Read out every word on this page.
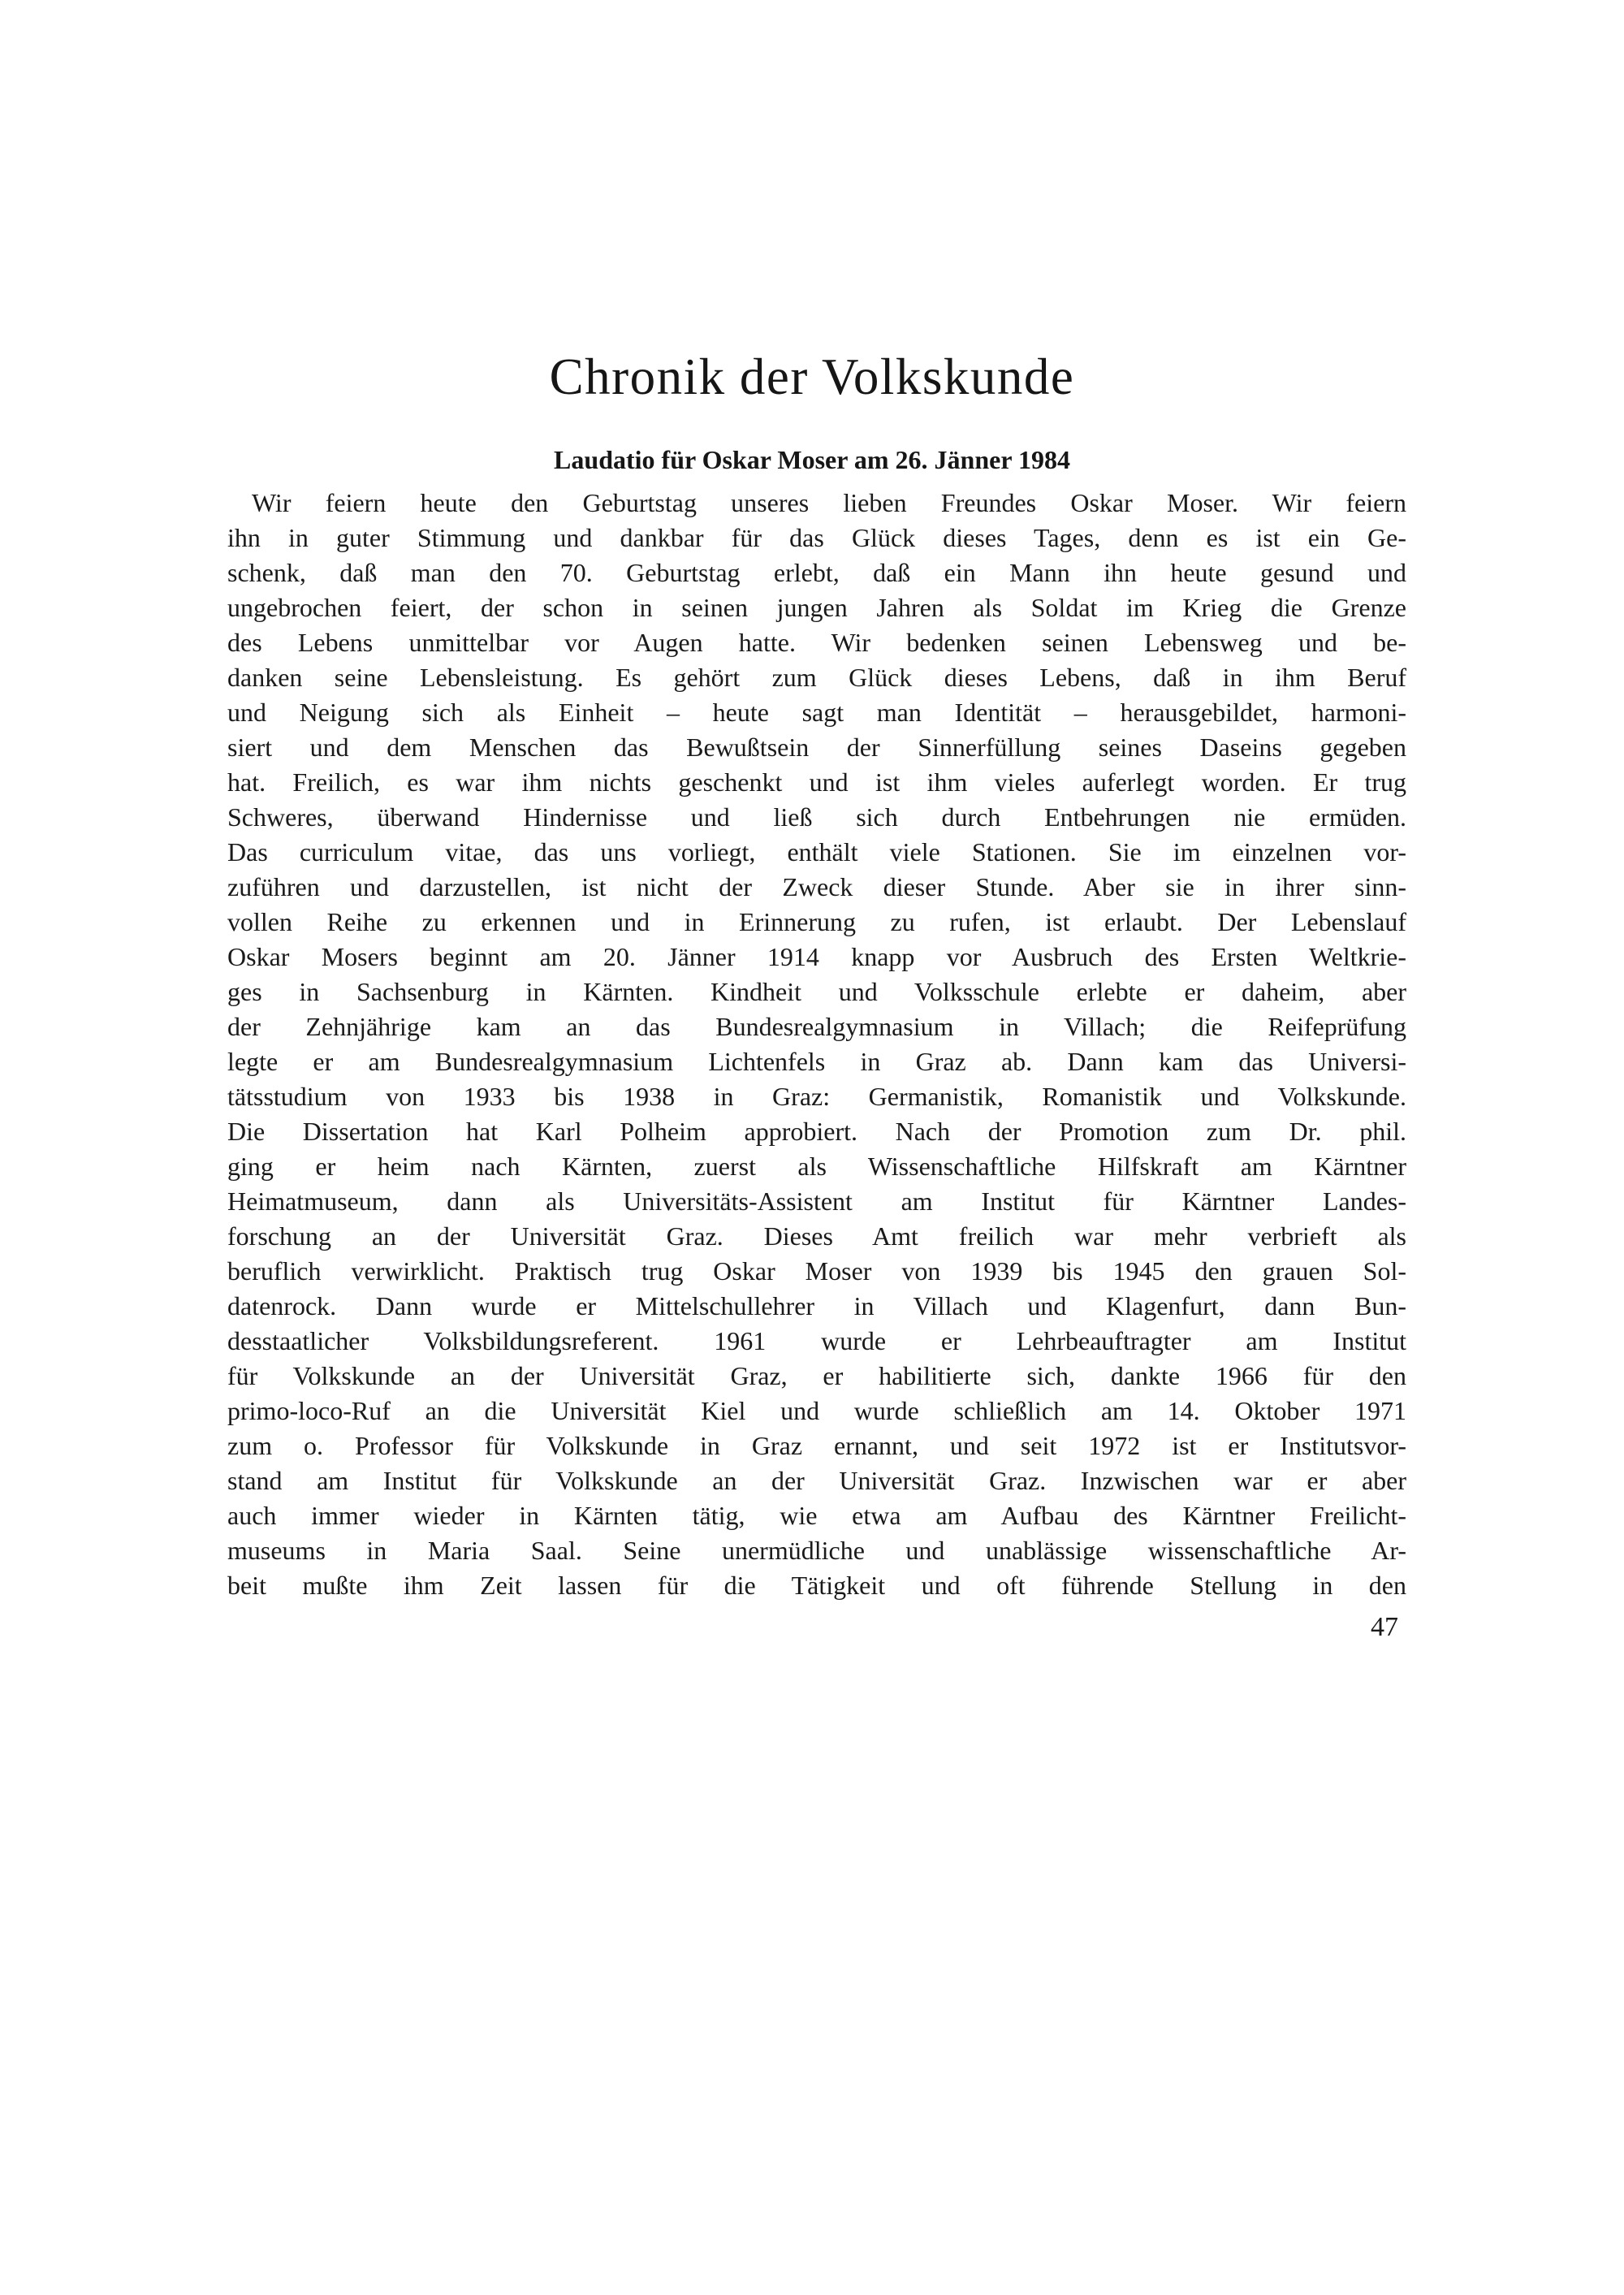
Chronik der Volkskunde
Laudatio für Oskar Moser am 26. Jänner 1984
Wir feiern heute den Geburtstag unseres lieben Freundes Oskar Moser. Wir feiern
ihn in guter Stimmung und dankbar für das Glück dieses Tages, denn es ist ein Ge-
schenk, daß man den 70. Geburtstag erlebt, daß ein Mann ihn heute gesund und
ungebrochen feiert, der schon in seinen jungen Jahren als Soldat im Krieg die Grenze
des Lebens unmittelbar vor Augen hatte. Wir bedenken seinen Lebensweg und be-
danken seine Lebensleistung. Es gehört zum Glück dieses Lebens, daß in ihm Beruf
und Neigung sich als Einheit – heute sagt man Identität – herausgebildet, harmoni-
siert und dem Menschen das Bewußtsein der Sinnerfüllung seines Daseins gegeben
hat. Freilich, es war ihm nichts geschenkt und ist ihm vieles auferlegt worden. Er trug
Schweres, überwand Hindernisse und ließ sich durch Entbehrungen nie ermüden.
Das curriculum vitae, das uns vorliegt, enthält viele Stationen. Sie im einzelnen vor-
zuführen und darzustellen, ist nicht der Zweck dieser Stunde. Aber sie in ihrer sinn-
vollen Reihe zu erkennen und in Erinnerung zu rufen, ist erlaubt. Der Lebenslauf
Oskar Mosers beginnt am 20. Jänner 1914 knapp vor Ausbruch des Ersten Weltkrie-
ges in Sachsenburg in Kärnten. Kindheit und Volksschule erlebte er daheim, aber
der Zehnjährige kam an das Bundesrealgymnasium in Villach; die Reifeprüfung
legte er am Bundesrealgymnasium Lichtenfels in Graz ab. Dann kam das Universi-
tätsstudium von 1933 bis 1938 in Graz: Germanistik, Romanistik und Volkskunde.
Die Dissertation hat Karl Polheim approbiert. Nach der Promotion zum Dr. phil.
ging er heim nach Kärnten, zuerst als Wissenschaftliche Hilfskraft am Kärntner
Heimatmuseum, dann als Universitäts-Assistent am Institut für Kärntner Landes-
forschung an der Universität Graz. Dieses Amt freilich war mehr verbrieft als
beruflich verwirklicht. Praktisch trug Oskar Moser von 1939 bis 1945 den grauen Sol-
datenrock. Dann wurde er Mittelschullehrer in Villach und Klagenfurt, dann Bun-
desstaatlicher Volksbildungsreferent. 1961 wurde er Lehrbeauftragter am Institut
für Volkskunde an der Universität Graz, er habilitierte sich, dankte 1966 für den
primo-loco-Ruf an die Universität Kiel und wurde schließlich am 14. Oktober 1971
zum o. Professor für Volkskunde in Graz ernannt, und seit 1972 ist er Institutsvor-
stand am Institut für Volkskunde an der Universität Graz. Inzwischen war er aber
auch immer wieder in Kärnten tätig, wie etwa am Aufbau des Kärntner Freilicht-
museums in Maria Saal. Seine unermüdliche und unablässige wissenschaftliche Ar-
beit mußte ihm Zeit lassen für die Tätigkeit und oft führende Stellung in den
47
